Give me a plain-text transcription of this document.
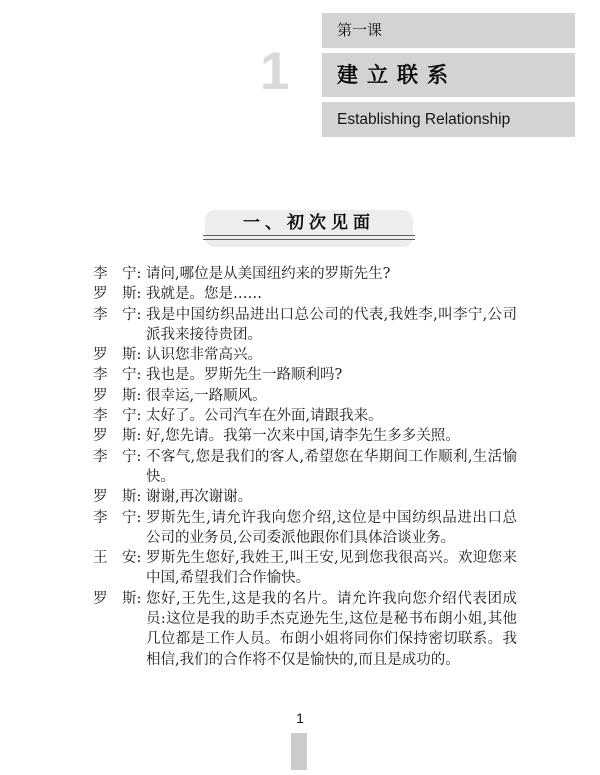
1
第一课
建立联系
Establishing Relationship
一、初次见面
李　宁: 请问,哪位是从美国纽约来的罗斯先生?
罗　斯: 我就是。您是……
李　宁: 我是中国纺织品进出口总公司的代表,我姓李,叫李宁,公司派我来接待贵团。
罗　斯: 认识您非常高兴。
李　宁: 我也是。罗斯先生一路顺利吗?
罗　斯: 很幸运,一路顺风。
李　宁: 太好了。公司汽车在外面,请跟我来。
罗　斯: 好,您先请。我第一次来中国,请李先生多多关照。
李　宁: 不客气,您是我们的客人,希望您在华期间工作顺利,生活愉快。
罗　斯: 谢谢,再次谢谢。
李　宁: 罗斯先生,请允许我向您介绍,这位是中国纺织品进出口总公司的业务员,公司委派他跟你们具体洽谈业务。
王　安: 罗斯先生您好,我姓王,叫王安,见到您我很高兴。欢迎您来中国,希望我们合作愉快。
罗　斯: 您好,王先生,这是我的名片。请允许我向您介绍代表团成员:这位是我的助手杰克逊先生,这位是秘书布朗小姐,其他几位都是工作人员。布朗小姐将同你们保持密切联系。我相信,我们的合作将不仅是愉快的,而且是成功的。
1
